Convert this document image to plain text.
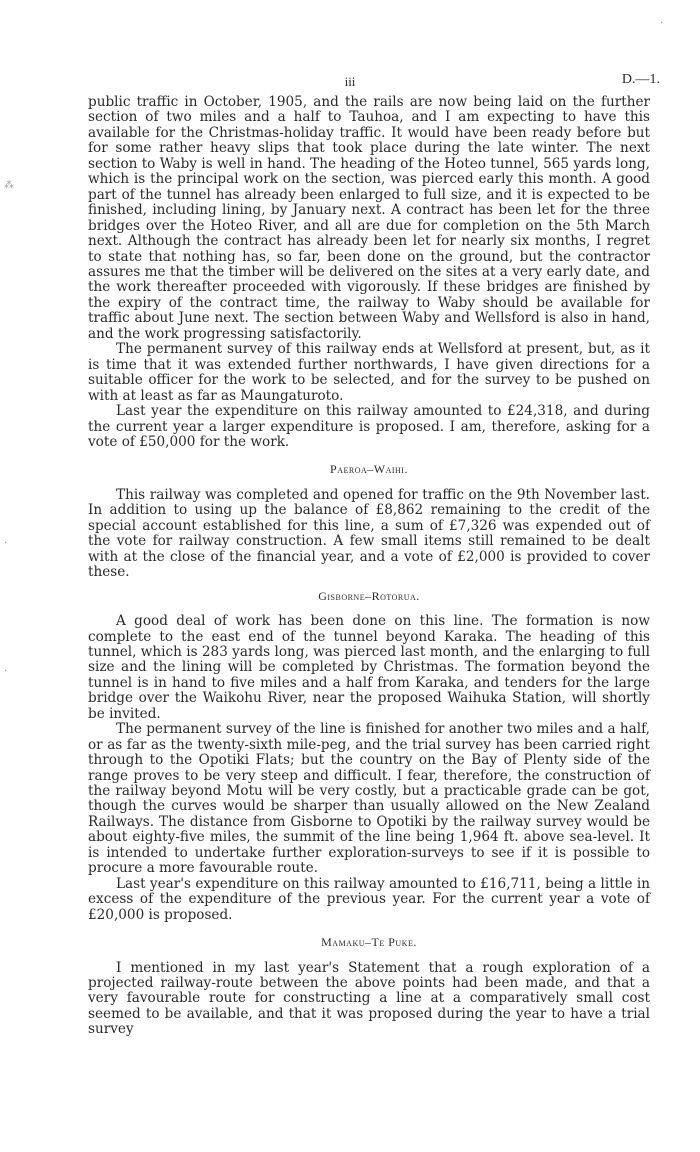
iii	D.—1.
⁂
·
·
·

public traffic in October, 1905, and the rails are now being laid on the further section of two miles and a half to Tauhoa, and I am expecting to have this available for the Christmas-holiday traffic. It would have been ready before but for some rather heavy slips that took place during the late winter. The next section to Waby is well in hand. The heading of the Hoteo tunnel, 565 yards long, which is the principal work on the section, was pierced early this month. A good part of the tunnel has already been enlarged to full size, and it is expected to be finished, including lining, by January next. A contract has been let for the three bridges over the Hoteo River, and all are due for completion on the 5th March next. Although the contract has already been let for nearly six months, I regret to state that nothing has, so far, been done on the ground, but the contractor assures me that the timber will be delivered on the sites at a very early date, and the work thereafter proceeded with vigorously. If these bridges are finished by the expiry of the contract time, the railway to Waby should be available for traffic about June next. The section between Waby and Wellsford is also in hand, and the work progressing satisfactorily.

The permanent survey of this railway ends at Wellsford at present, but, as it is time that it was extended further northwards, I have given directions for a suitable officer for the work to be selected, and for the survey to be pushed on with at least as far as Maungaturoto.

Last year the expenditure on this railway amounted to £24,318, and during the current year a larger expenditure is proposed. I am, therefore, asking for a vote of £50,000 for the work.

Paeroa–Waihi.

This railway was completed and opened for traffic on the 9th November last. In addition to using up the balance of £8,862 remaining to the credit of the special account established for this line, a sum of £7,326 was expended out of the vote for railway construction. A few small items still remained to be dealt with at the close of the financial year, and a vote of £2,000 is provided to cover these.

Gisborne–Rotorua.

A good deal of work has been done on this line. The formation is now complete to the east end of the tunnel beyond Karaka. The heading of this tunnel, which is 283 yards long, was pierced last month, and the enlarging to full size and the lining will be completed by Christmas. The formation beyond the tunnel is in hand to five miles and a half from Karaka, and tenders for the large bridge over the Waikohu River, near the proposed Waihuka Station, will shortly be invited.

The permanent survey of the line is finished for another two miles and a half, or as far as the twenty-sixth mile-peg, and the trial survey has been carried right through to the Opotiki Flats; but the country on the Bay of Plenty side of the range proves to be very steep and difficult. I fear, therefore, the construction of the railway beyond Motu will be very costly, but a practicable grade can be got, though the curves would be sharper than usually allowed on the New Zealand Railways. The distance from Gisborne to Opotiki by the railway survey would be about eighty-five miles, the summit of the line being 1,964 ft. above sea-level. It is intended to undertake further exploration-surveys to see if it is possible to procure a more favourable route.

Last year's expenditure on this railway amounted to £16,711, being a little in excess of the expenditure of the previous year. For the current year a vote of £20,000 is proposed.

Mamaku–Te Puke.

I mentioned in my last year's Statement that a rough exploration of a projected railway-route between the above points had been made, and that a very favourable route for constructing a line at a comparatively small cost seemed to be available, and that it was proposed during the year to have a trial survey
